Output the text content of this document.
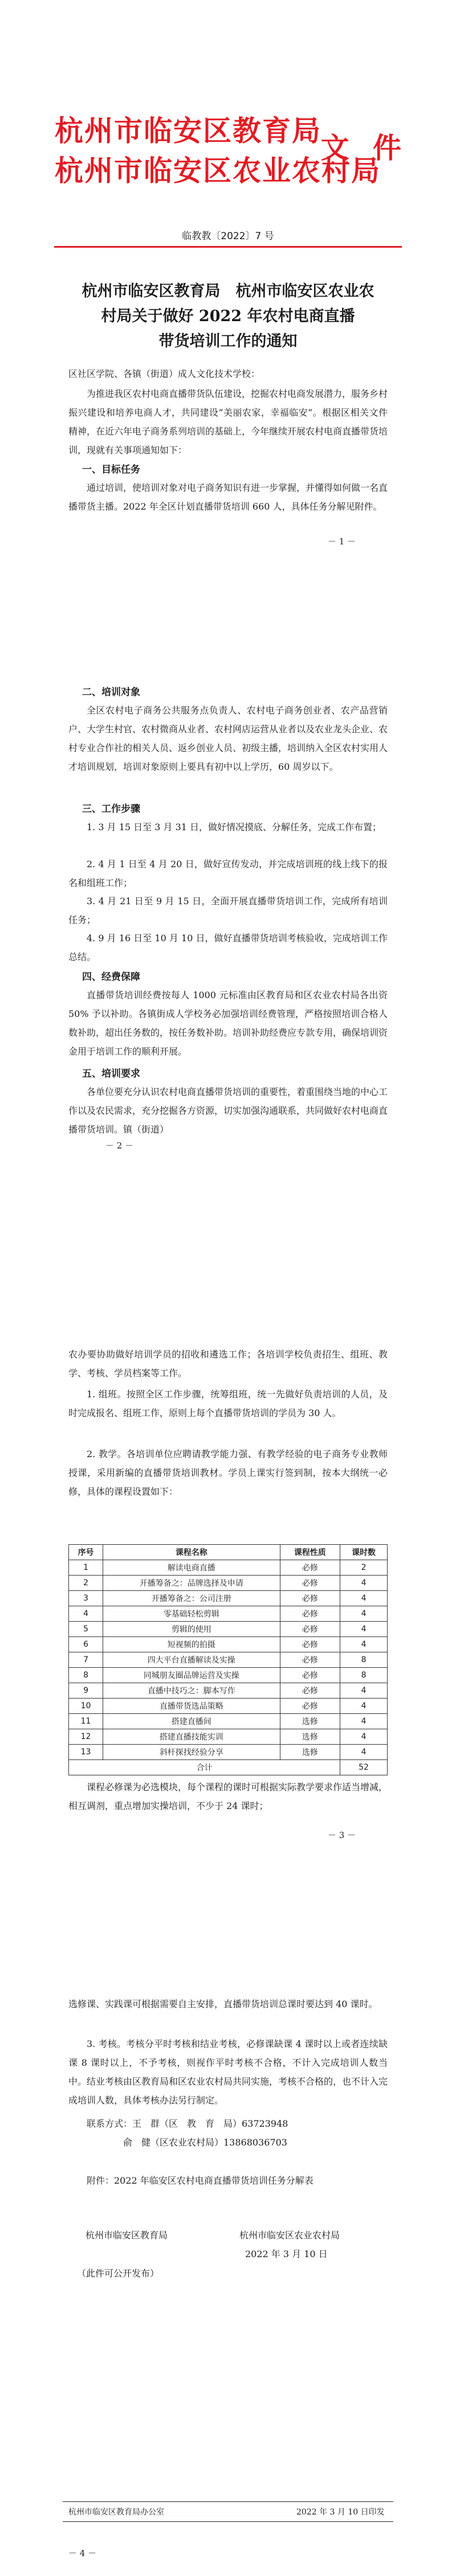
杭州市临安区教育局
杭州市临安区农业农村局
文 件
临教教〔2022〕7 号
杭州市临安区教育局　杭州市临安区农业农
村局关于做好 2022 年农村电商直播
带货培训工作的通知
区社区学院、各镇（街道）成人文化技术学校：
为推进我区农村电商直播带货队伍建设，挖掘农村电商发展潜力，服务乡村振兴建设和培养电商人才，共同建设“美丽农家，幸福临安”。根据区相关文件精神，在近六年电子商务系列培训的基础上，今年继续开展农村电商直播带货培训，现就有关事项通知如下：
一、目标任务
通过培训，使培训对象对电子商务知识有进一步掌握，并懂得如何做一名直播带货主播。2022 年全区计划直播带货培训 660 人，具体任务分解见附件。
－ 1 －
二、培训对象
全区农村电子商务公共服务点负责人、农村电子商务创业者、农产品营销户、大学生村官、农村微商从业者、农村网店运营从业者以及农业龙头企业、农村专业合作社的相关人员、返乡创业人员、初级主播，培训纳入全区农村实用人才培训规划，培训对象原则上要具有初中以上学历，60 周岁以下。
三、工作步骤
1. 3 月 15 日至 3 月 31 日，做好情况摸底、分解任务，完成工作布置；
2. 4 月 1 日至 4 月 20 日，做好宣传发动，并完成培训班的线上线下的报名和组班工作；
3. 4 月 21 日至 9 月 15 日，全面开展直播带货培训工作，完成所有培训任务；
4. 9 月 16 日至 10 月 10 日，做好直播带货培训考核验收，完成培训工作总结。
四、经费保障
直播带货培训经费按每人 1000 元标准由区教育局和区农业农村局各出资 50% 予以补助。各镇街成人学校务必加强培训经费管理，严格按照培训合格人数补助，超出任务数的，按任务数补助。培训补助经费应专款专用，确保培训资金用于培训工作的顺利开展。
五、培训要求
各单位要充分认识农村电商直播带货培训的重要性，着重围绕当地的中心工作以及农民需求，充分挖掘各方资源，切实加强沟通联系，共同做好农村电商直播带货培训。镇（街道）
－ 2 －
农办要协助做好培训学员的招收和遴选工作；各培训学校负责招生、组班、教学、考核、学员档案等工作。
1. 组班。按照全区工作步骤，统筹组班，统一先做好负责培训的人员，及时完成报名、组班工作，原则上每个直播带货培训的学员为 30 人。
2. 教学。各培训单位应聘请教学能力强、有教学经验的电子商务专业教师授课，采用新编的直播带货培训教材。学员上课实行签到制，按本大纲统一必修，具体的课程设置如下：
序号	课程名称	课程性质	课时数
1	解读电商直播	必修	2
2	开播筹备之：品牌选择及申请	必修	4
3	开播筹备之：公司注册	必修	4
4	零基础轻松剪辑	必修	4
5	剪辑的使用	必修	4
6	短视频的拍摄	必修	4
7	四大平台直播解读及实操	必修	8
8	同城朋友圈品牌运营及实操	必修	8
9	直播中技巧之：脚本写作	必修	4
10	直播带货选品策略	必修	4
11	搭建直播间	选修	4
12	搭建直播技能实训	选修	4
13	斜杆探找经验分享	选修	4
合计			52
课程必修课为必选模块，每个课程的课时可根据实际教学要求作适当增减，相互调剂，重点增加实操培训，不少于 24 课时；
－ 3 －
选修课、实践课可根据需要自主安排，直播带货培训总课时要达到 40 课时。
3. 考核。考核分平时考核和结业考核，必修课缺课 4 课时以上或者连续缺课 8 课时以上，不予考核，则视作平时考核不合格，不计入完成培训人数当中。结业考核由区教育局和区农业农村局共同实施，考核不合格的，也不计入完成培训人数，具体考核办法另行制定。
联系方式：王　群（区　教　育　局）63723948
俞　健（区农业农村局）13868036703
附件：2022 年临安区农村电商直播带货培训任务分解表
杭州市临安区教育局	杭州市临安区农业农村局
2022 年 3 月 10 日
（此件可公开发布）
杭州市临安区教育局办公室	2022 年 3 月 10 日印发
－ 4 －
